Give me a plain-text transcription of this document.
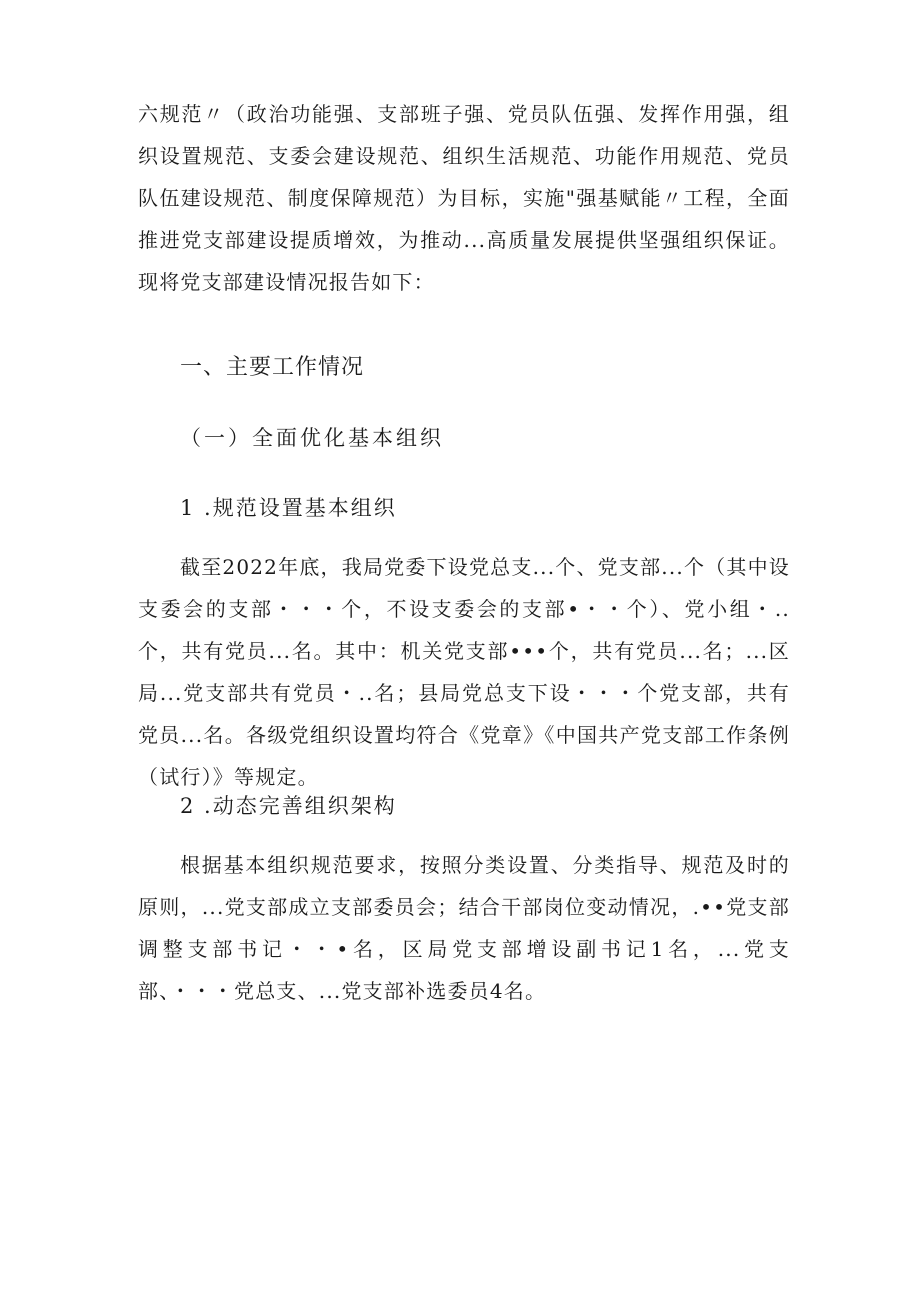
六规范〃（政治功能强、支部班子强、党员队伍强、发挥作用强，组织设置规范、支委会建设规范、组织生活规范、功能作用规范、党员队伍建设规范、制度保障规范）为目标，实施"强基赋能〃工程，全面推进党支部建设提质增效，为推动...高质量发展提供坚强组织保证。现将党支部建设情况报告如下：

一、主要工作情况
（一）全面优化基本组织
1 .规范设置基本组织

截至2022年底，我局党委下设党总支...个、党支部...个（其中设支委会的支部・・・个，不设支委会的支部•・・个）、党小组・..个，共有党员...名。其中：机关党支部•••个，共有党员...名；...区局...党支部共有党员・..名；县局党总支下设・・・个党支部，共有党员...名。各级党组织设置均符合《党章》《中国共产党支部工作条例（试行）》等规定。

2 .动态完善组织架构

根据基本组织规范要求，按照分类设置、分类指导、规范及时的原则，...党支部成立支部委员会；结合干部岗位变动情况，.••党支部调整支部书记・・•名，区局党支部增设副书记1名，...党支部、・・・党总支、...党支部补选委员4名。
